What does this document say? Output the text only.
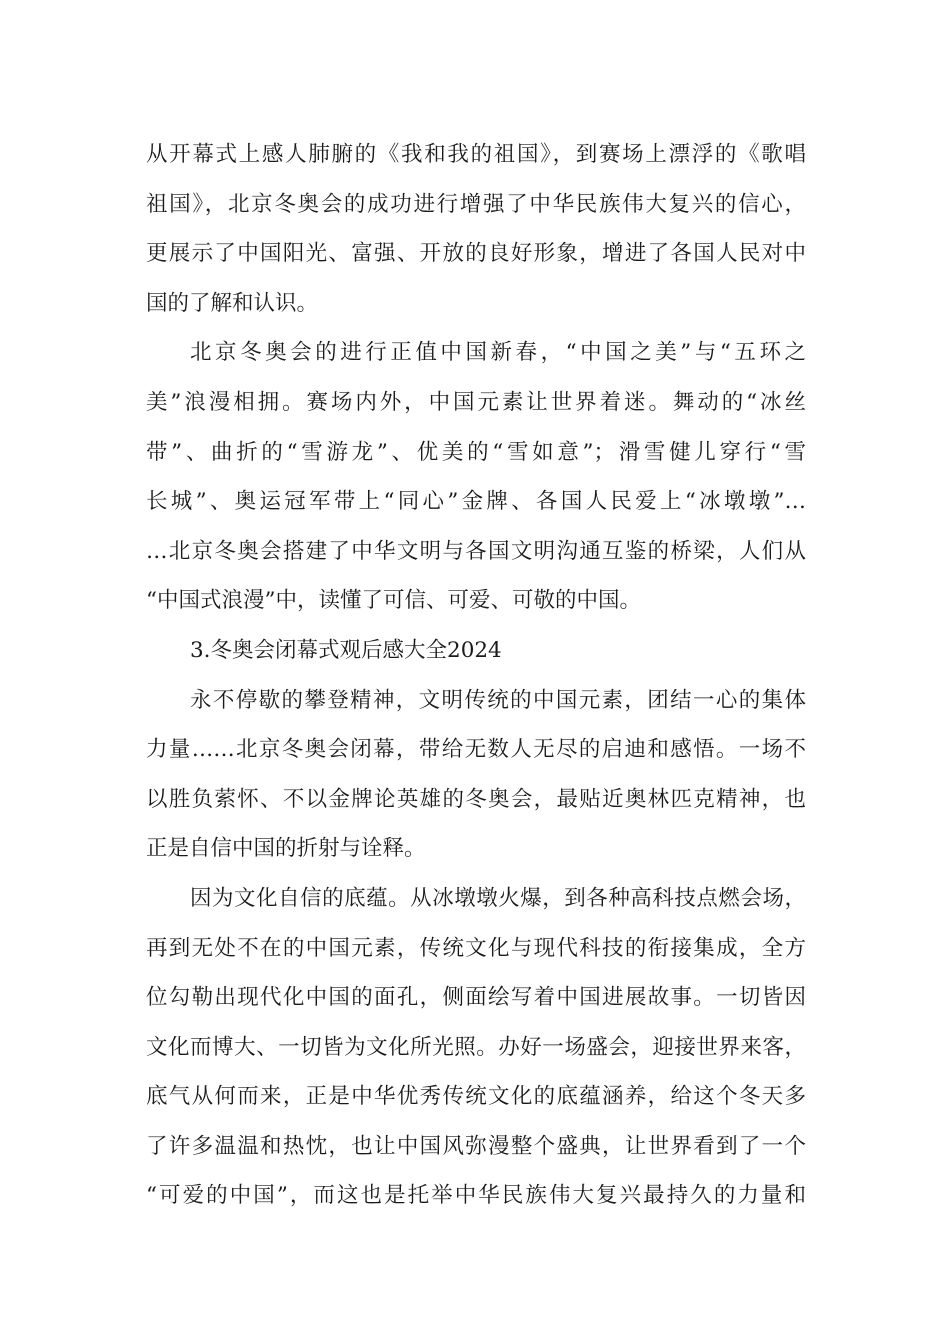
从开幕式上感人肺腑的《我和我的祖国》，到赛场上漂浮的《歌唱
祖国》，北京冬奥会的成功进行增强了中华民族伟大复兴的信心，
更展示了中国阳光、富强、开放的良好形象，增进了各国人民对中
国的了解和认识。
北京冬奥会的进行正值中国新春，“中国之美”与“五环之
美”浪漫相拥。赛场内外，中国元素让世界着迷。舞动的“冰丝
带”、曲折的“雪游龙”、优美的“雪如意”；滑雪健儿穿行“雪
长城”、奥运冠军带上“同心”金牌、各国人民爱上“冰墩墩”…
…北京冬奥会搭建了中华文明与各国文明沟通互鉴的桥梁，人们从
“中国式浪漫”中，读懂了可信、可爱、可敬的中国。
3.冬奥会闭幕式观后感大全2024
永不停歇的攀登精神，文明传统的中国元素，团结一心的集体
力量……北京冬奥会闭幕，带给无数人无尽的启迪和感悟。一场不
以胜负萦怀、不以金牌论英雄的冬奥会，最贴近奥林匹克精神，也
正是自信中国的折射与诠释。
因为文化自信的底蕴。从冰墩墩火爆，到各种高科技点燃会场，
再到无处不在的中国元素，传统文化与现代科技的衔接集成，全方
位勾勒出现代化中国的面孔，侧面绘写着中国进展故事。一切皆因
文化而博大、一切皆为文化所光照。办好一场盛会，迎接世界来客，
底气从何而来，正是中华优秀传统文化的底蕴涵养，给这个冬天多
了许多温温和热忱，也让中国风弥漫整个盛典，让世界看到了一个
“可爱的中国”，而这也是托举中华民族伟大复兴最持久的力量和
